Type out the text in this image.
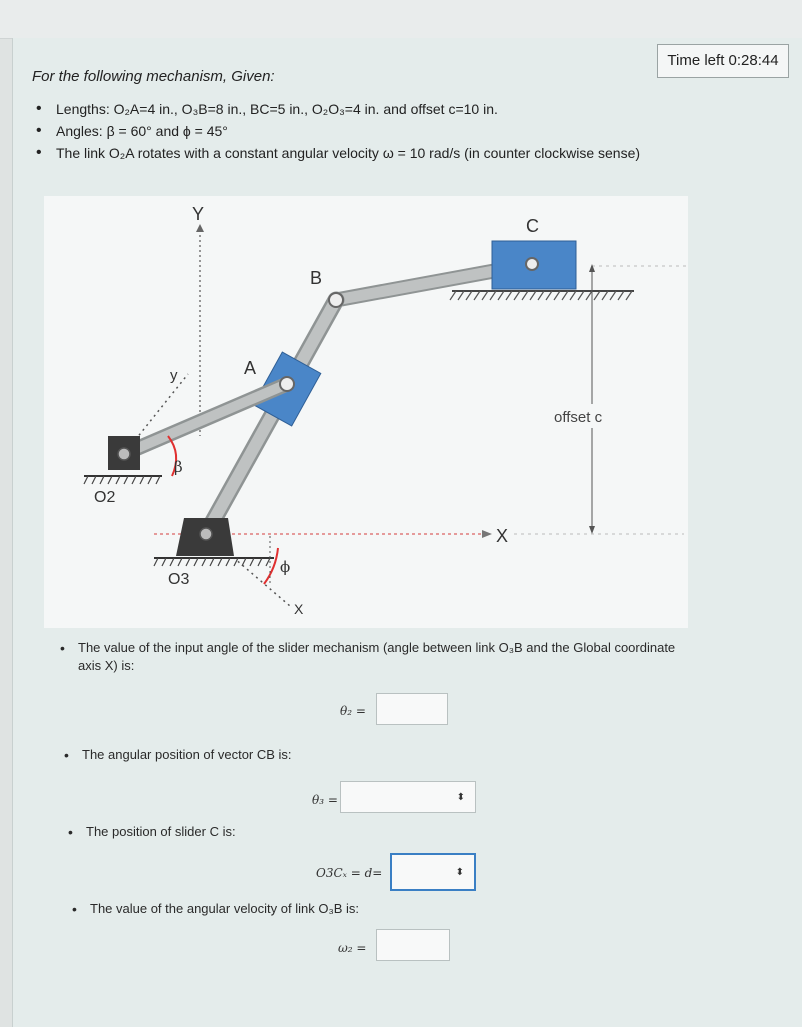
Time left 0:28:44
For the following mechanism, Given:
• Lengths: O₂A=4 in., O₃B=8 in., BC=5 in., O₂O₃=4 in. and offset c=10 in.
• Angles: β = 60° and ϕ = 45°
• The link O₂A rotates with a constant angular velocity ω = 10 rad/s (in counter clockwise sense)
offset c
Y
X
X
y	A
B
C
O2
O3
β
ϕ
• The value of the input angle of the slider mechanism (angle between link O₃B and the Global coordinate axis X) is:
θ₂ =
• The angular position of vector CB is:
θ₃ =	⬍
• The position of slider C is:
O3Cₓ = d=	⬍
• The value of the angular velocity of link O₃B is:
ω₂ =
